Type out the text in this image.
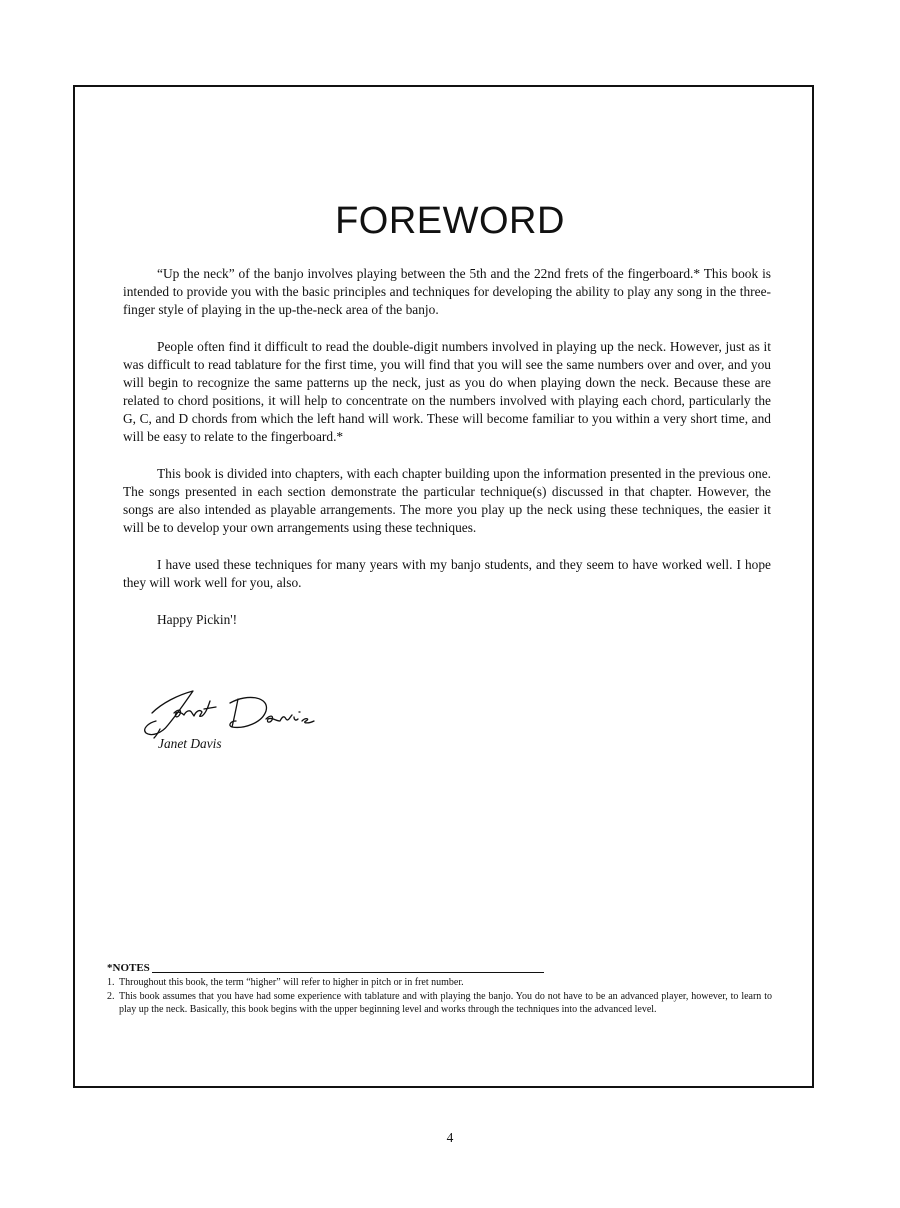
FOREWORD

“Up the neck” of the banjo involves playing between the 5th and the 22nd frets of the fingerboard.* This book is intended to provide you with the basic principles and techniques for developing the ability to play any song in the three-finger style of playing in the up-the-neck area of the banjo.

People often find it difficult to read the double-digit numbers involved in playing up the neck. However, just as it was difficult to read tablature for the first time, you will find that you will see the same numbers over and over, and you will begin to recognize the same patterns up the neck, just as you do when playing down the neck. Because these are related to chord positions, it will help to concentrate on the numbers involved with playing each chord, particularly the G, C, and D chords from which the left hand will work. These will become familiar to you within a very short time, and will be easy to relate to the fingerboard.*

This book is divided into chapters, with each chapter building upon the information presented in the previous one. The songs presented in each section demonstrate the particular technique(s) discussed in that chapter. However, the songs are also intended as playable arrangements. The more you play up the neck using these techniques, the easier it will be to develop your own arrangements using these techniques.

I have used these techniques for many years with my banjo students, and they seem to have worked well. I hope they will work well for you, also.

Happy Pickin'!

Janet Davis
Janet Davis
*NOTES
1. Throughout this book, the term “higher” will refer to higher in pitch or in fret number.
2. This book assumes that you have had some experience with tablature and with playing the banjo. You do not have to be an advanced player, however, to learn to play up the neck. Basically, this book begins with the upper beginning level and works through the techniques into the advanced level.
4
